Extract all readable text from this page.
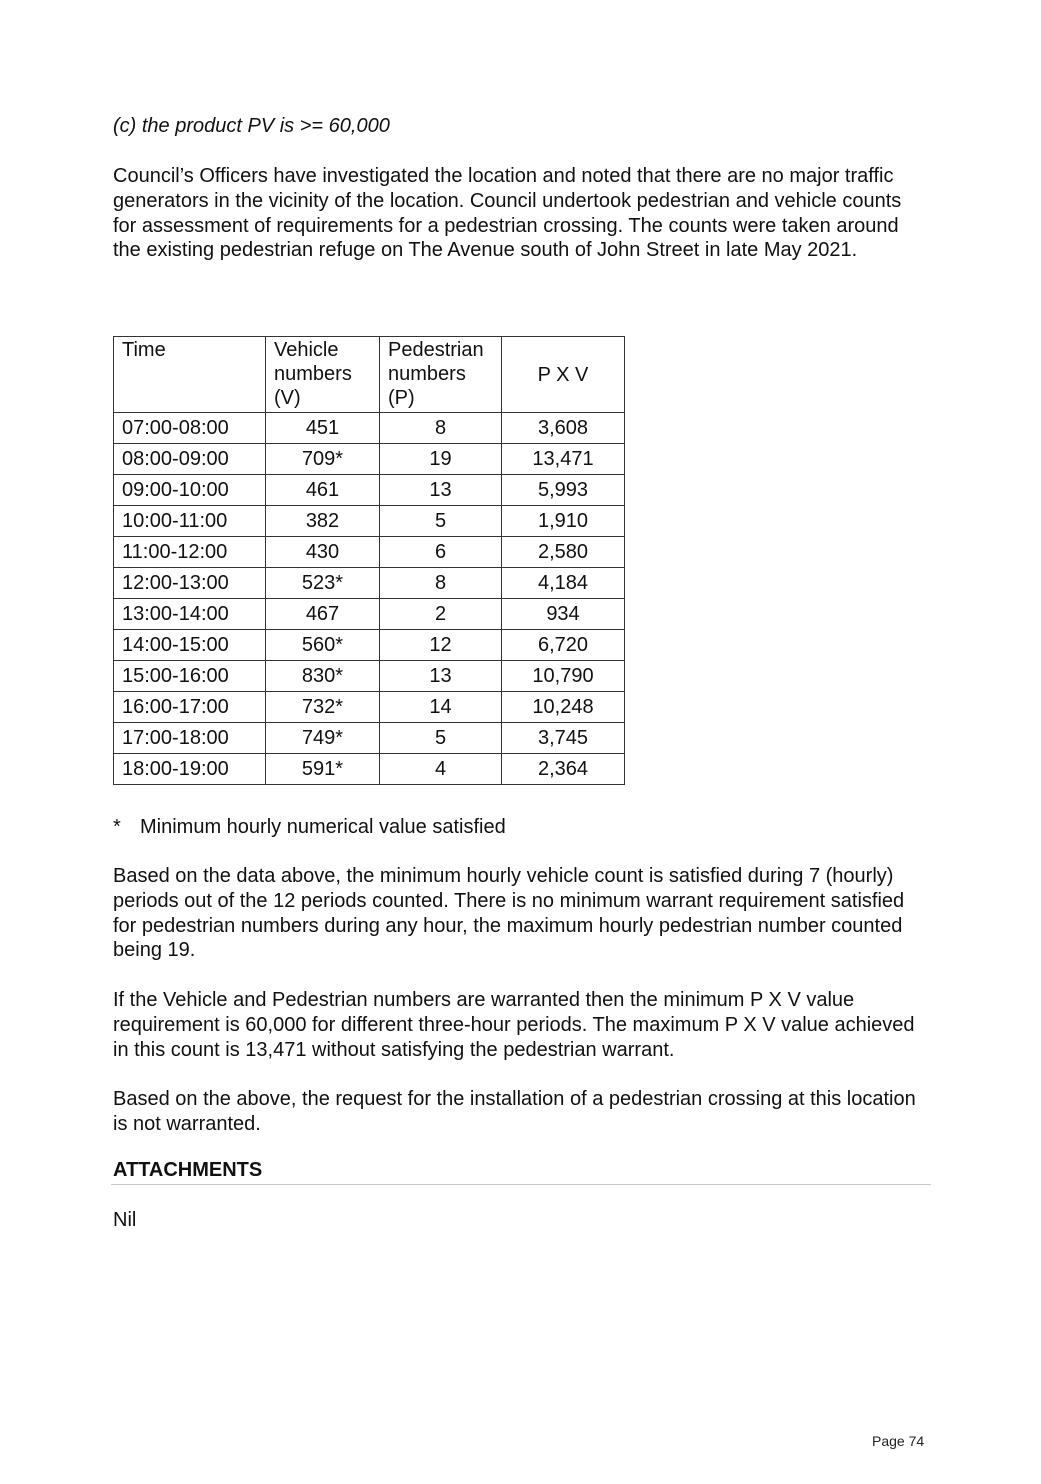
(c) the product PV is >= 60,000

Council’s Officers have investigated the location and noted that there are no major traffic generators in the vicinity of the location. Council undertook pedestrian and vehicle counts for assessment of requirements for a pedestrian crossing. The counts were taken around the existing pedestrian refuge on The Avenue south of John Street in late May 2021.

Time	Vehicle numbers (V)	Pedestrian numbers (P)	P X V
07:00-08:00	451	8	3,608
08:00-09:00	709*	19	13,471
09:00-10:00	461	13	5,993
10:00-11:00	382	5	1,910
11:00-12:00	430	6	2,580
12:00-13:00	523*	8	4,184
13:00-14:00	467	2	934
14:00-15:00	560*	12	6,720
15:00-16:00	830*	13	10,790
16:00-17:00	732*	14	10,248
17:00-18:00	749*	5	3,745
18:00-19:00	591*	4	2,364
* Minimum hourly numerical value satisfied

Based on the data above, the minimum hourly vehicle count is satisfied during 7 (hourly) periods out of the 12 periods counted. There is no minimum warrant requirement satisfied for pedestrian numbers during any hour, the maximum hourly pedestrian number counted being 19.

If the Vehicle and Pedestrian numbers are warranted then the minimum P X V value requirement is 60,000 for different three-hour periods. The maximum P X V value achieved in this count is 13,471 without satisfying the pedestrian warrant.

Based on the above, the request for the installation of a pedestrian crossing at this location is not warranted.

ATTACHMENTS
Nil
Page 74
